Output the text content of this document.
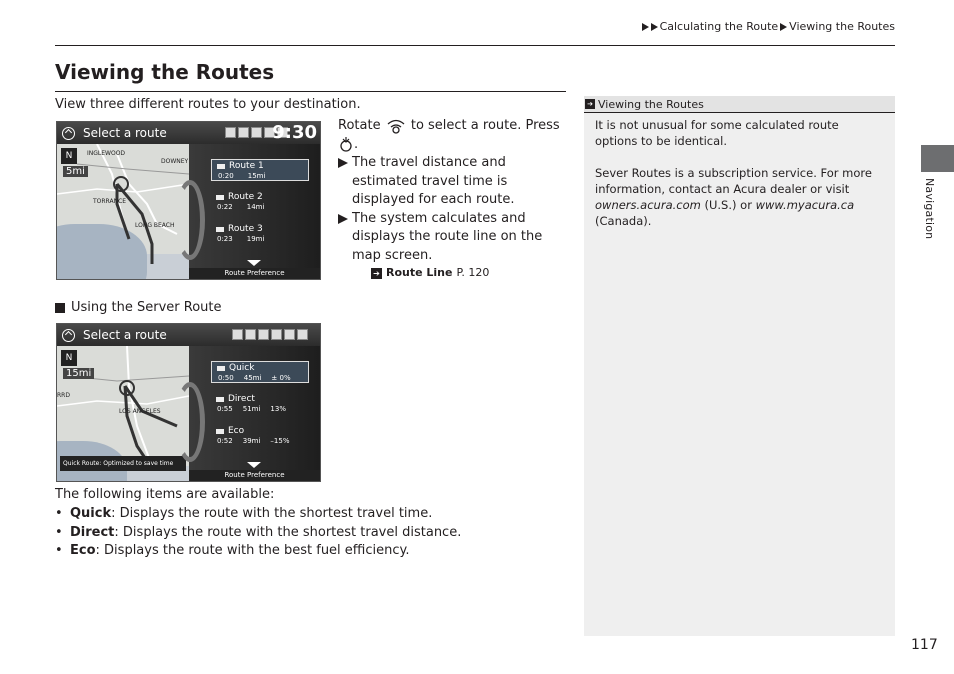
Calculating the Route Viewing the Routes
Viewing the Routes

View three different routes to your destination.

Select a route	9:30
N
5mi
INGLEWOOD
TORRANCE
LONG BEACH
DOWNEY	Route 1
0:20 15mi
Route 2
0:22 14mi
Route 3
0:23 19mi
Route Preference
Rotate to select a route. Press .
The travel distance and estimated travel time is displayed for each route.
The system calculates and displays the route line on the map screen.
➔ Route Line P. 120
Using the Server Route
Select a route
N
15mi
LOS ANGELES
RRD
Quick Route: Optimized to save time
Quick
0:50 45mi ± 0%
Direct
0:55 51mi 13%
Eco
0:52 39mi –15%
Route Preference

The following items are available:

• Quick: Displays the route with the shortest travel time.
• Direct: Displays the route with the shortest travel distance.
• Eco: Displays the route with the best fuel efficiency.
➔ Viewing the Routes

It is not unusual for some calculated route options to be identical.

Sever Routes is a subscription service. For more information, contact an Acura dealer or visit owners.acura.com (U.S.) or www.myacura.ca (Canada).	Navigation
117
